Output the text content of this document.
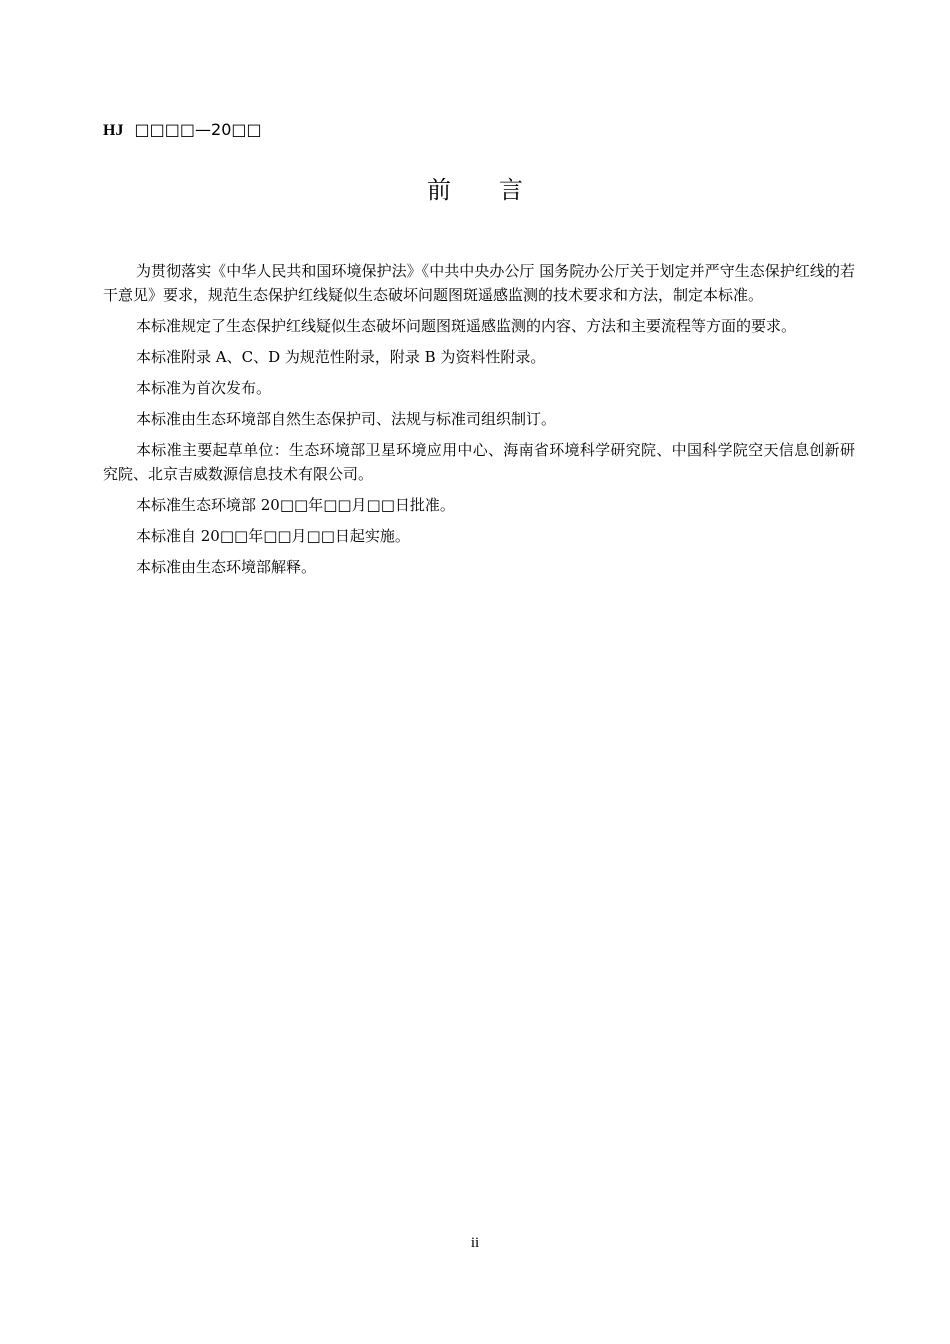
HJ □□□□—20□□
前言

为贯彻落实《中华人民共和国环境保护法》《中共中央办公厅 国务院办公厅关于划定并严守生态保护红线的若干意见》要求，规范生态保护红线疑似生态破坏问题图斑遥感监测的技术要求和方法，制定本标准。

本标准规定了生态保护红线疑似生态破坏问题图斑遥感监测的内容、方法和主要流程等方面的要求。

本标准附录 A、C、D 为规范性附录，附录 B 为资料性附录。

本标准为首次发布。

本标准由生态环境部自然生态保护司、法规与标准司组织制订。

本标准主要起草单位：生态环境部卫星环境应用中心、海南省环境科学研究院、中国科学院空天信息创新研究院、北京吉威数源信息技术有限公司。

本标准生态环境部 20□□年□□月□□日批准。

本标准自 20□□年□□月□□日起实施。

本标准由生态环境部解释。

ii
